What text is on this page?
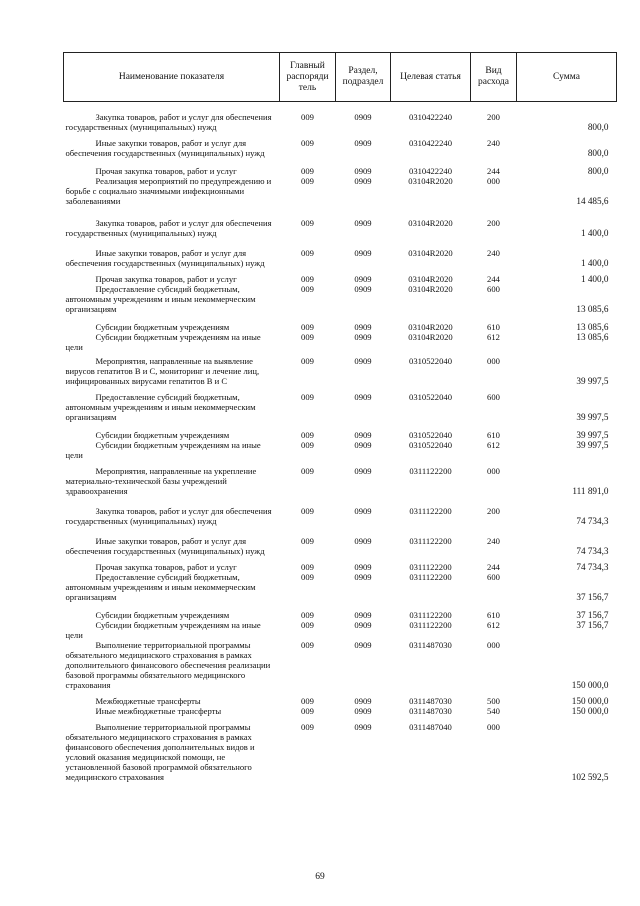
Наименование показателя	Главный распоряди тель	Раздел, подраздел	Целевая статья	Вид расхода	Сумма

Закупка товаров, работ и услуг для обеспечения государственных (муниципальных) нужд	009	0909	0310422240	200	800,0

Иные закупки товаров, работ и услуг для обеспечения государственных (муниципальных) нужд	009	0909	0310422240	240	800,0

Прочая закупка товаров, работ и услуг	009	0909	0310422240	244	800,0
Реализация мероприятий по предупреждению и борьбе с социально значимыми инфекционными заболеваниями	009	0909	03104R2020	000	14 485,6

Закупка товаров, работ и услуг для обеспечения государственных (муниципальных) нужд	009	0909	03104R2020	200	1 400,0

Иные закупки товаров, работ и услуг для обеспечения государственных (муниципальных) нужд	009	0909	03104R2020	240	1 400,0

Прочая закупка товаров, работ и услуг	009	0909	03104R2020	244	1 400,0
Предоставление субсидий бюджетным, автономным учреждениям и иным некоммерческим организациям	009	0909	03104R2020	600	13 085,6

Субсидии бюджетным учреждениям	009	0909	03104R2020	610	13 085,6
Субсидии бюджетным учреждениям на иные цели	009	0909	03104R2020	612	13 085,6

Мероприятия, направленные на выявление вирусов гепатитов В и С, мониторинг и лечение лиц, инфицированных вирусами гепатитов В и С	009	0909	0310522040	000	39 997,5

Предоставление субсидий бюджетным, автономным учреждениям и иным некоммерческим организациям	009	0909	0310522040	600	39 997,5

Субсидии бюджетным учреждениям	009	0909	0310522040	610	39 997,5
Субсидии бюджетным учреждениям на иные цели	009	0909	0310522040	612	39 997,5

Мероприятия, направленные на укрепление материально-технической базы учреждений здравоохранения	009	0909	0311122200	000	111 891,0

Закупка товаров, работ и услуг для обеспечения государственных (муниципальных) нужд	009	0909	0311122200	200	74 734,3

Иные закупки товаров, работ и услуг для обеспечения государственных (муниципальных) нужд	009	0909	0311122200	240	74 734,3

Прочая закупка товаров, работ и услуг	009	0909	0311122200	244	74 734,3
Предоставление субсидий бюджетным, автономным учреждениям и иным некоммерческим организациям	009	0909	0311122200	600	37 156,7

Субсидии бюджетным учреждениям	009	0909	0311122200	610	37 156,7
Субсидии бюджетным учреждениям на иные цели	009	0909	0311122200	612	37 156,7
Выполнение территориальной программы обязательного медицинского страхования в рамках дополнительного финансового обеспечения реализации базовой программы обязательного медицинского страхования	009	0909	0311487030	000	150 000,0

Межбюджетные трансферты	009	0909	0311487030	500	150 000,0
Иные межбюджетные трансферты	009	0909	0311487030	540	150 000,0

Выполнение территориальной программы обязательного медицинского страхования в рамках финансового обеспечения дополнительных видов и условий оказания медицинской помощи, не установленной базовой программой обязательного медицинского страхования	009	0909	0311487040	000	102 592,5
69
